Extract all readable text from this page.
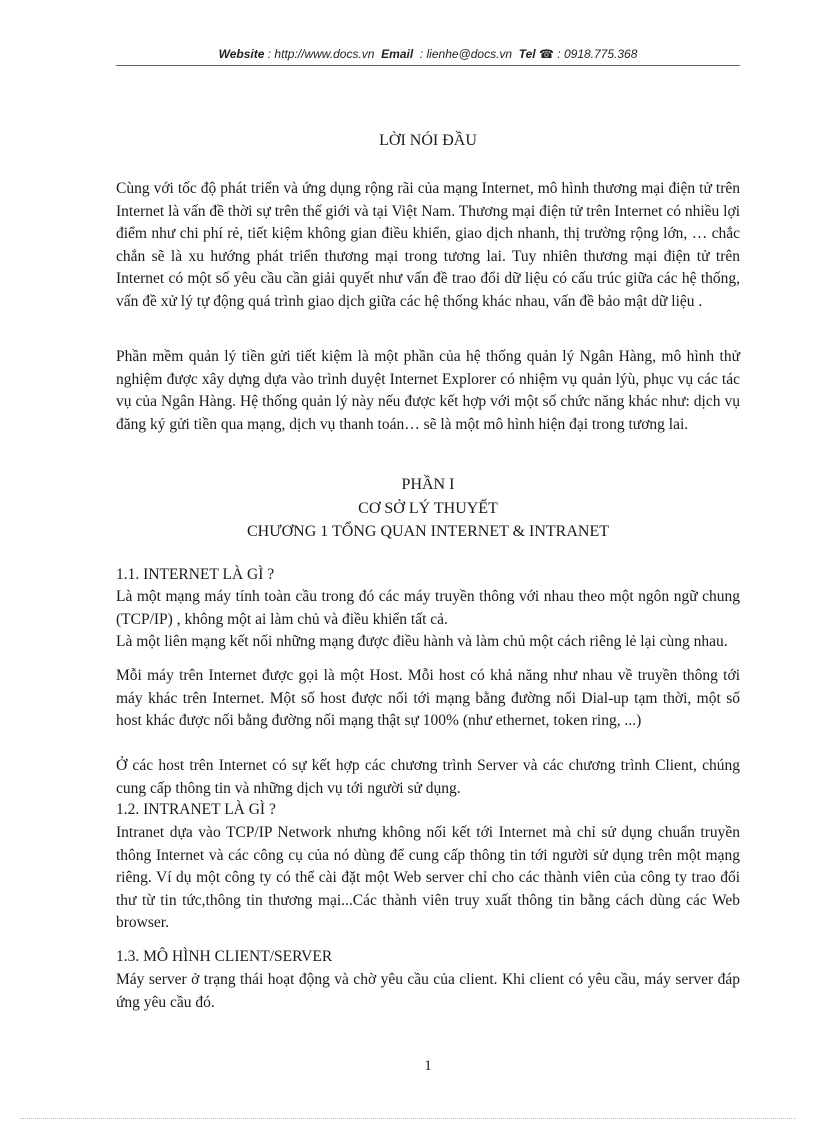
Website : http://www.docs.vn Email : lienhe@docs.vn Tel ☎ : 0918.775.368
LỜI NÓI ĐẦU

Cùng với tốc độ phát triển và ứng dụng rộng rãi của mạng Internet, mô hình thương mại điện tử trên Internet là vấn đề thời sự trên thế giới và tại Việt Nam. Thương mại điện tử trên Internet có nhiều lợi điểm như chi phí rẻ, tiết kiệm không gian điều khiển, giao dịch nhanh, thị trường rộng lớn, … chắc chắn sẽ là xu hướng phát triển thương mại trong tương lai. Tuy nhiên thương mại điện tử trên Internet có một số yêu cầu cần giải quyết như vấn đề trao đổi dữ liệu có cấu trúc giữa các hệ thống, vấn đề xử lý tự động quá trình giao dịch giữa các hệ thống khác nhau, vấn đề bảo mật dữ liệu .

Phần mềm quản lý tiền gửi tiết kiệm là một phần của hệ thống quản lý Ngân Hàng, mô hình thử nghiệm được xây dựng dựa vào trình duyệt Internet Explorer có nhiệm vụ quản lýù, phục vụ các tác vụ của Ngân Hàng. Hệ thống quản lý này nếu được kết hợp với một số chức năng khác như: dịch vụ đăng ký gửi tiền qua mạng, dịch vụ thanh toán… sẽ là một mô hình hiện đại trong tương lai.

PHẦN I
CƠ SỞ LÝ THUYẾT
CHƯƠNG 1 TỔNG QUAN INTERNET & INTRANET
1.1. INTERNET LÀ GÌ ?

Là một mạng máy tính toàn cầu trong đó các máy truyền thông với nhau theo một ngôn ngữ chung (TCP/IP) , không một ai làm chủ và điều khiển tất cả.

Là một liên mạng kết nối những mạng được điều hành và làm chủ một cách riêng lẻ lại cùng nhau.

Mỗi máy trên Internet được gọi là một Host. Mỗi host có khả năng như nhau về truyền thông tới máy khác trên Internet. Một số host được nối tới mạng bằng đường nối Dial-up tạm thời, một số host khác được nối bằng đường nối mạng thật sự 100% (như ethernet, token ring, ...)

Ở các host trên Internet có sự kết hợp các chương trình Server và các chương trình Client, chúng cung cấp thông tin và những dịch vụ tới người sử dụng.

1.2. INTRANET LÀ GÌ ?

Intranet dựa vào TCP/IP Network nhưng không nối kết tới Internet mà chỉ sử dụng chuẩn truyền thông Internet và các công cụ của nó dùng để cung cấp thông tin tới người sử dụng trên một mạng riêng. Ví dụ một công ty có thể cài đặt một Web server chỉ cho các thành viên của công ty trao đổi thư từ tin tức,thông tin thương mại...Các thành viên truy xuất thông tin bằng cách dùng các Web browser.

1.3. MÔ HÌNH CLIENT/SERVER

Máy server ở trạng thái hoạt động và chờ yêu cầu của client. Khi client có yêu cầu, máy server đáp ứng yêu cầu đó.

1
